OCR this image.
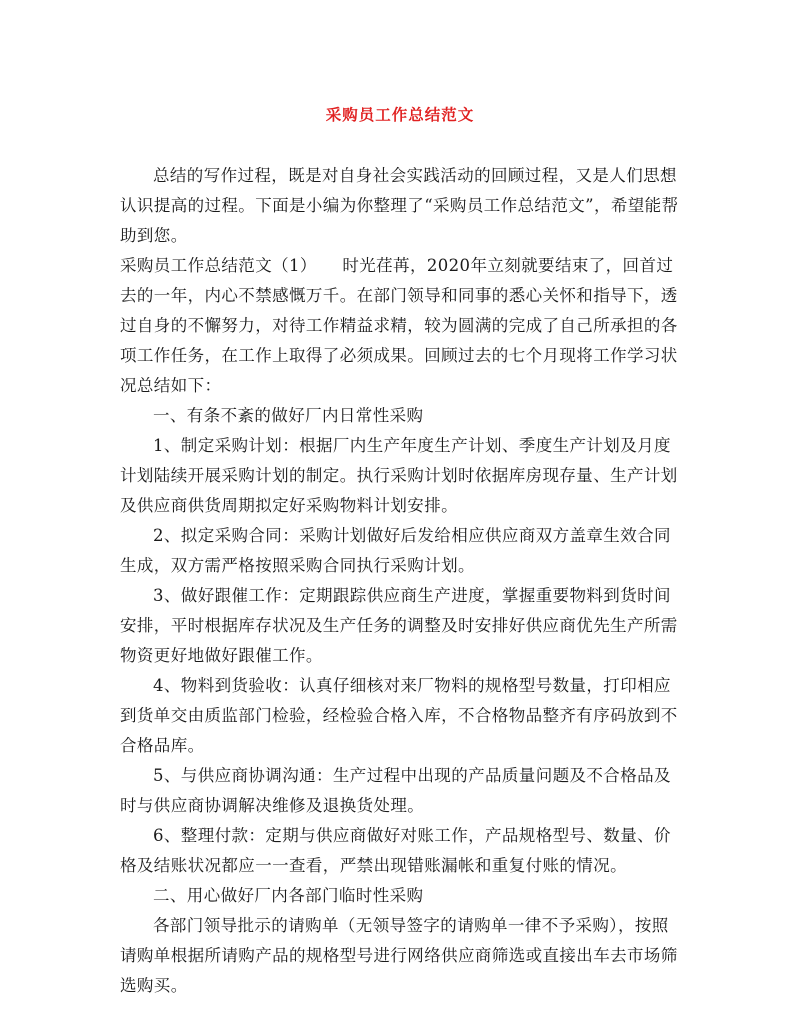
采购员工作总结范文

总结的写作过程，既是对自身社会实践活动的回顾过程，又是人们思想认识提高的过程。下面是小编为你整理了“采购员工作总结范文”，希望能帮助到您。

采购员工作总结范文（1）　　时光荏苒，2020年立刻就要结束了，回首过去的一年，内心不禁感慨万千。在部门领导和同事的悉心关怀和指导下，透过自身的不懈努力，对待工作精益求精，较为圆满的完成了自己所承担的各项工作任务，在工作上取得了必须成果。回顾过去的七个月现将工作学习状况总结如下：

一、有条不紊的做好厂内日常性采购

1、制定采购计划：根据厂内生产年度生产计划、季度生产计划及月度计划陆续开展采购计划的制定。执行采购计划时依据库房现存量、生产计划及供应商供货周期拟定好采购物料计划安排。

2、拟定采购合同：采购计划做好后发给相应供应商双方盖章生效合同生成，双方需严格按照采购合同执行采购计划。

3、做好跟催工作：定期跟踪供应商生产进度，掌握重要物料到货时间安排，平时根据库存状况及生产任务的调整及时安排好供应商优先生产所需物资更好地做好跟催工作。

4、物料到货验收：认真仔细核对来厂物料的规格型号数量，打印相应到货单交由质监部门检验，经检验合格入库，不合格物品整齐有序码放到不合格品库。

5、与供应商协调沟通：生产过程中出现的产品质量问题及不合格品及时与供应商协调解决维修及退换货处理。

6、整理付款：定期与供应商做好对账工作，产品规格型号、数量、价格及结账状况都应一一查看，严禁出现错账漏帐和重复付账的情况。

二、用心做好厂内各部门临时性采购

各部门领导批示的请购单（无领导签字的请购单一律不予采购），按照请购单根据所请购产品的规格型号进行网络供应商筛选或直接出车去市场筛选购买。
